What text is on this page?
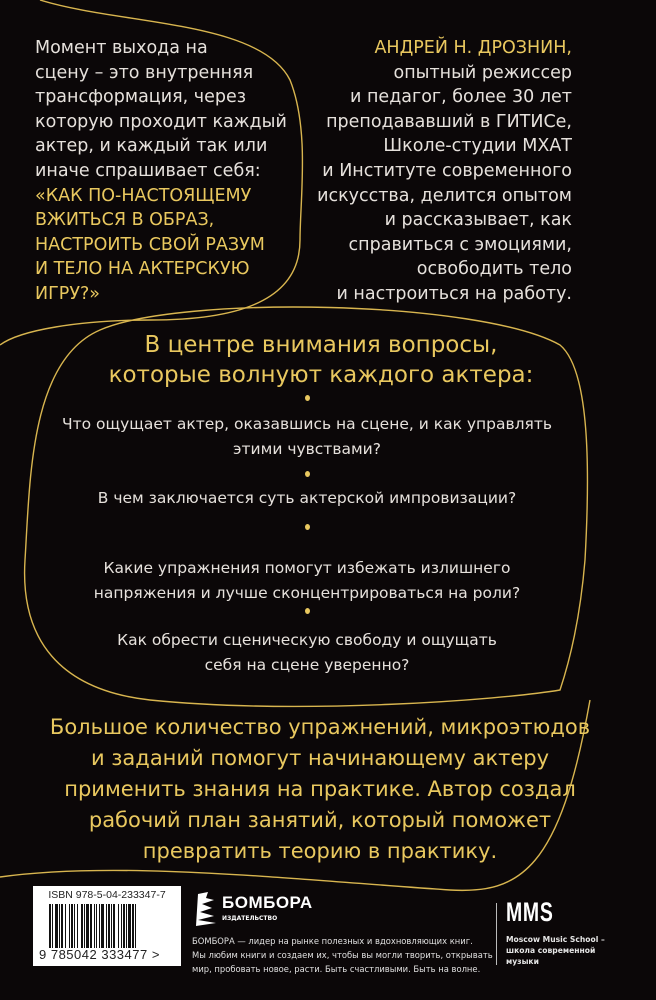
Момент выхода на
сцену – это внутренняя
трансформация, через
которую проходит каждый
актер, и каждый так или
иначе спрашивает себя:
«КАК ПО-НАСТОЯЩЕМУ
ВЖИТЬСЯ В ОБРАЗ,
НАСТРОИТЬ СВОЙ РАЗУМ
И ТЕЛО НА АКТЕРСКУЮ
ИГРУ?»
АНДРЕЙ Н. ДРОЗНИН,
опытный режиссер
и педагог, более 30 лет
преподававший в ГИТИСе,
Школе-студии МХАТ
и Институте современного
искусства, делится опытом
и рассказывает, как
справиться с эмоциями,
освободить тело
и настроиться на работу.
В центре внимания вопросы,
которые волнуют каждого актера:
Что ощущает актер, оказавшись на сцене, и как управлять
этими чувствами?
В чем заключается суть актерской импровизации?
Какие упражнения помогут избежать излишнего
напряжения и лучше сконцентрироваться на роли?
Как обрести сценическую свободу и ощущать
себя на сцене уверенно?
Большое количество упражнений, микроэтюдов
и заданий помогут начинающему актеру
применить знания на практике. Автор создал
рабочий план занятий, который поможет
превратить теорию в практику.
ISBN 978-5-04-233347-7
9 785042 333477 >
БОМБОРА
ИЗДАТЕЛЬСТВО
БОМБОРА — лидер на рынке полезных и вдохновляющих книг.
Мы любим книги и создаем их, чтобы вы могли творить, открывать
мир, пробовать новое, расти. Быть счастливыми. Быть на волне.
MMS
Moscow Music School –
школа современной
музыки
